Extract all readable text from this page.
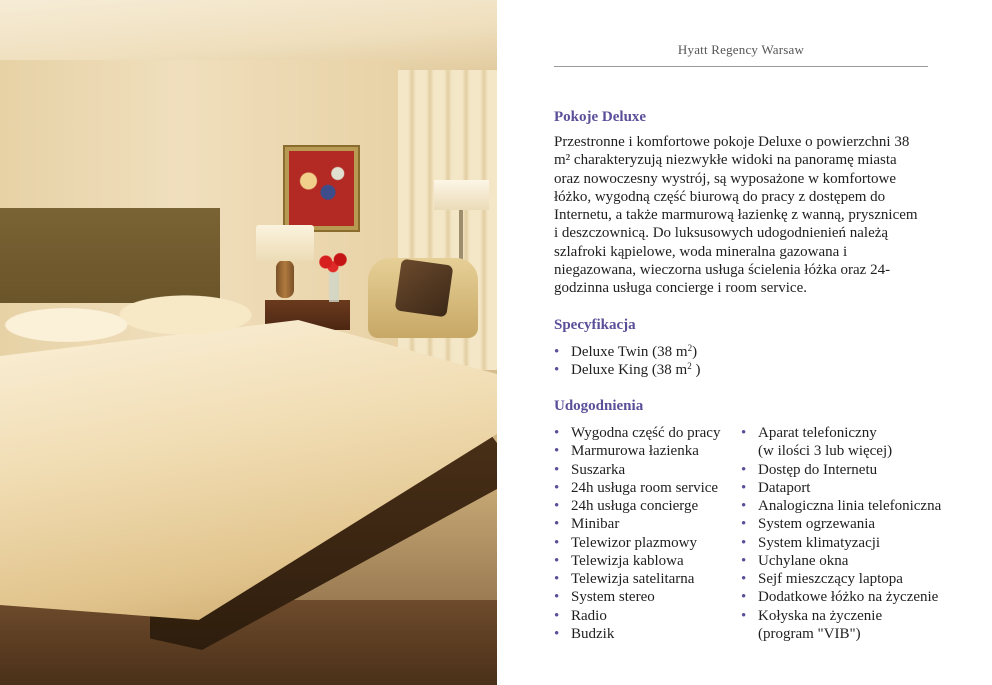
Hyatt Regency Warsaw
Pokoje Deluxe
Przestronne i komfortowe pokoje Deluxe o powierzchni 38
m² charakteryzują niezwykłe widoki na panoramę miasta
oraz nowoczesny wystrój, są wyposażone w komfortowe
łóżko, wygodną część biurową do pracy z dostępem do
Internetu, a także marmurową łazienkę z wanną, prysznicem
i deszczownicą. Do luksusowych udogodnienień należą
szlafroki kąpielowe, woda mineralna gazowana i
niegazowana, wieczorna usługa ścielenia łóżka oraz 24-
godzinna usługa concierge i room service.
Specyfikacja
• Deluxe Twin (38 $m^2$)
• Deluxe King (38 $m^2$ )
Udogodnienia
• Wygodna część do pracy
• Marmurowa łazienka
• Suszarka
• 24h usługa room service
• 24h usługa concierge
• Minibar
• Telewizor plazmowy
• Telewizja kablowa
• Telewizja satelitarna
• System stereo
• Radio
• Budzik
• Aparat telefoniczny
(w ilości 3 lub więcej)
• Dostęp do Internetu
• Dataport
• Analogiczna linia telefoniczna
• System ogrzewania
• System klimatyzacji
• Uchylane okna
• Sejf mieszczący laptopa
• Dodatkowe łóżko na życzenie
• Kołyska na życzenie
(program "VIB")
